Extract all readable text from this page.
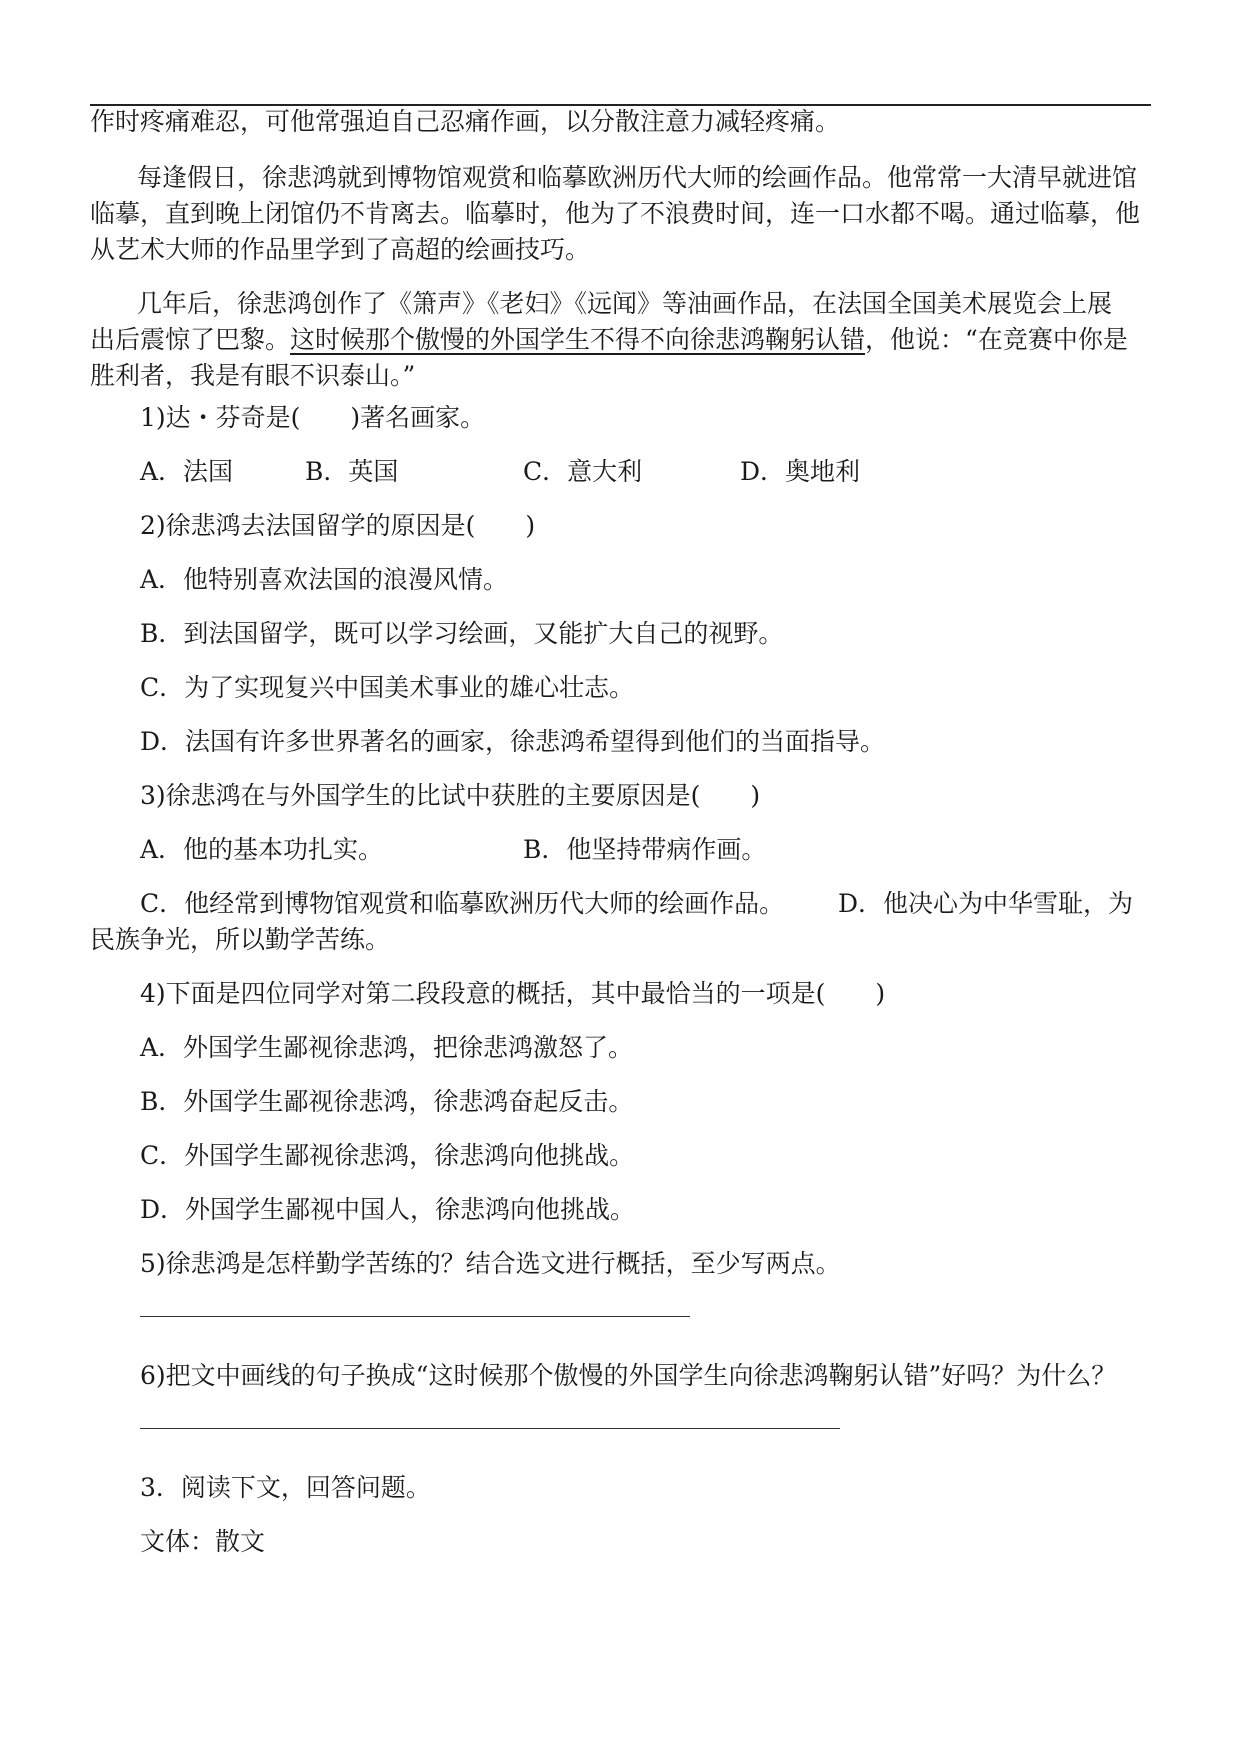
作时疼痛难忍，可他常强迫自己忍痛作画，以分散注意力减轻疼痛。
每逢假日，徐悲鸿就到博物馆观赏和临摹欧洲历代大师的绘画作品。他常常一大清早就进馆
临摹，直到晚上闭馆仍不肯离去。临摹时，他为了不浪费时间，连一口水都不喝。通过临摹，他
从艺术大师的作品里学到了高超的绘画技巧。
几年后，徐悲鸿创作了《箫声》《老妇》《远闻》等油画作品，在法国全国美术展览会上展
出后震惊了巴黎。这时候那个傲慢的外国学生不得不向徐悲鸿鞠躬认错，他说：“在竞赛中你是
胜利者，我是有眼不识泰山。”
1)达・芬奇是(　　)著名画家。
A．法国	B．英国	C．意大利	D．奥地利
2)徐悲鸿去法国留学的原因是(　　)
A．他特别喜欢法国的浪漫风情。
B．到法国留学，既可以学习绘画，又能扩大自己的视野。
C．为了实现复兴中国美术事业的雄心壮志。
D．法国有许多世界著名的画家，徐悲鸿希望得到他们的当面指导。
3)徐悲鸿在与外国学生的比试中获胜的主要原因是(　　)
A．他的基本功扎实。	B．他坚持带病作画。
C．他经常到博物馆观赏和临摹欧洲历代大师的绘画作品。 D．他决心为中华雪耻，为
民族争光，所以勤学苦练。
4)下面是四位同学对第二段段意的概括，其中最恰当的一项是(　　)
A．外国学生鄙视徐悲鸿，把徐悲鸿激怒了。
B．外国学生鄙视徐悲鸿，徐悲鸿奋起反击。
C．外国学生鄙视徐悲鸿，徐悲鸿向他挑战。
D．外国学生鄙视中国人，徐悲鸿向他挑战。
5)徐悲鸿是怎样勤学苦练的？结合选文进行概括，至少写两点。
6)把文中画线的句子换成“这时候那个傲慢的外国学生向徐悲鸿鞠躬认错”好吗？为什么？
3．阅读下文，回答问题。
文体：散文
